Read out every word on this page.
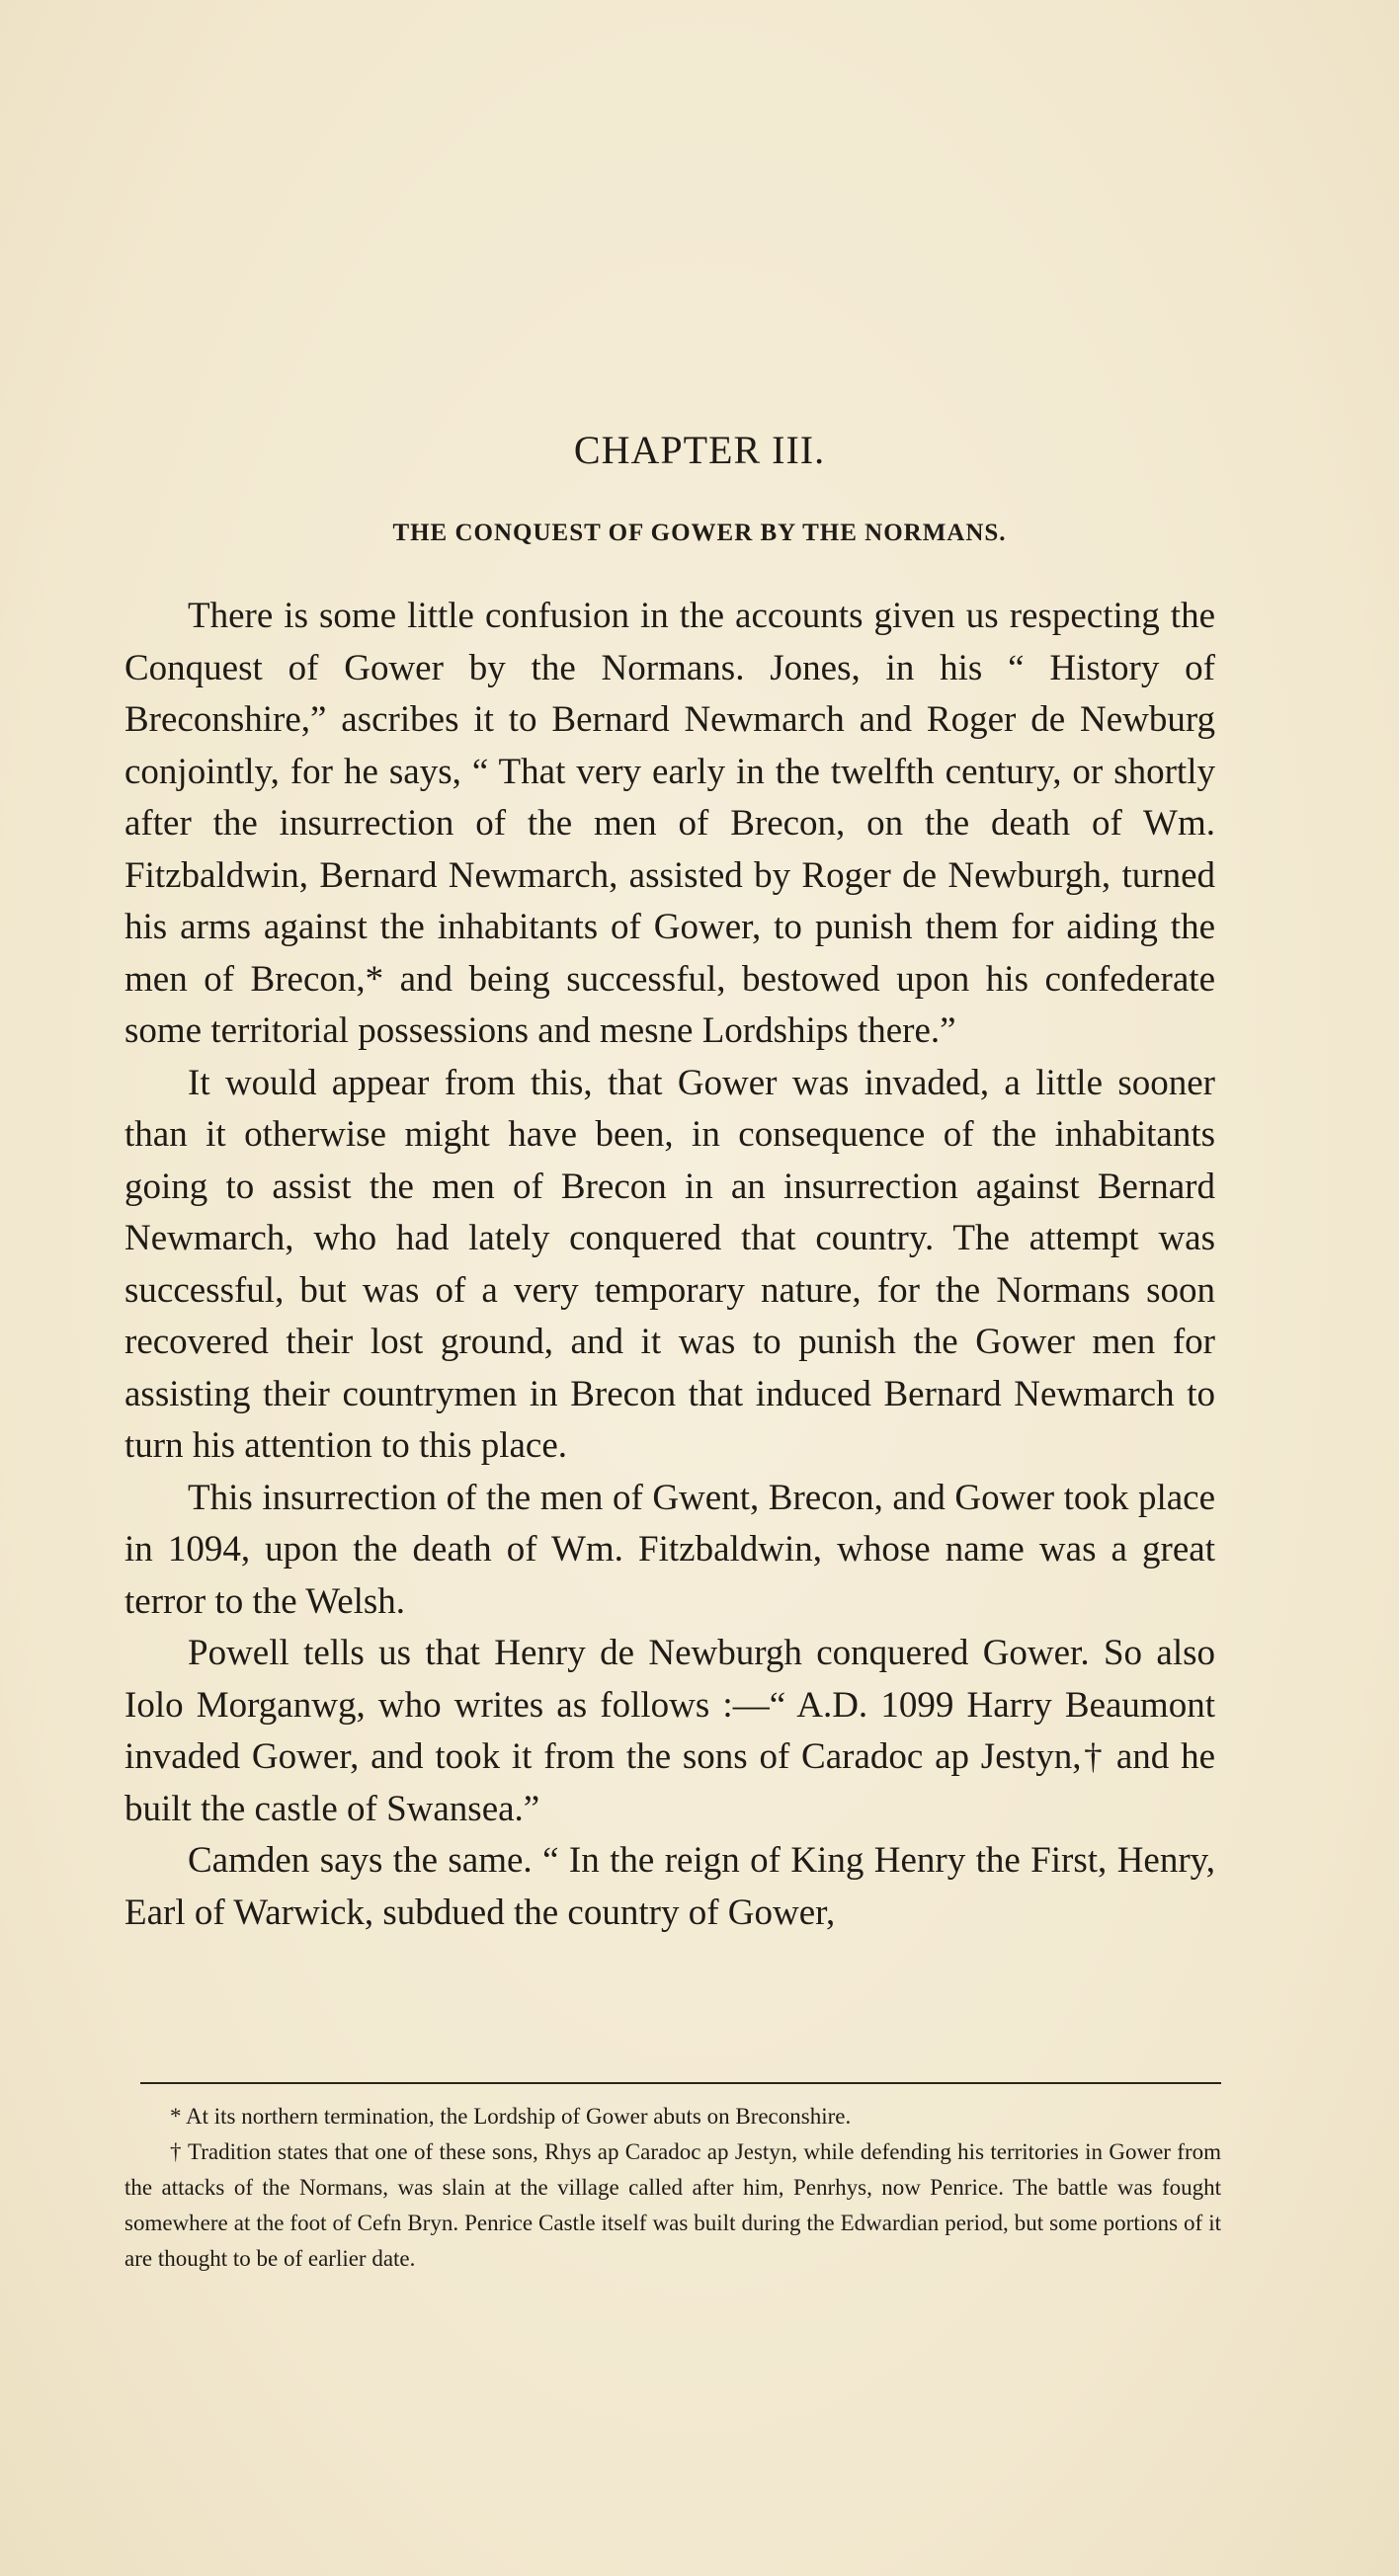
CHAPTER III.
THE CONQUEST OF GOWER BY THE NORMANS.

There is some little confusion in the accounts given us respecting the Conquest of Gower by the Normans. Jones, in his “ History of Breconshire,” ascribes it to Bernard Newmarch and Roger de Newburg conjointly, for he says, “ That very early in the twelfth century, or shortly after the insurrection of the men of Brecon, on the death of Wm. Fitzbaldwin, Bernard Newmarch, assisted by Roger de Newburgh, turned his arms against the inhabitants of Gower, to punish them for aiding the men of Brecon,* and being successful, bestowed upon his confederate some territorial possessions and mesne Lordships there.”

It would appear from this, that Gower was invaded, a little sooner than it otherwise might have been, in consequence of the inhabitants going to assist the men of Brecon in an insurrection against Bernard Newmarch, who had lately conquered that country. The attempt was successful, but was of a very temporary nature, for the Normans soon recovered their lost ground, and it was to punish the Gower men for assisting their countrymen in Brecon that induced Bernard Newmarch to turn his attention to this place.

This insurrection of the men of Gwent, Brecon, and Gower took place in 1094, upon the death of Wm. Fitzbaldwin, whose name was a great terror to the Welsh.

Powell tells us that Henry de Newburgh conquered Gower. So also Iolo Morganwg, who writes as follows :—“ A.D. 1099 Harry Beaumont invaded Gower, and took it from the sons of Caradoc ap Jestyn,† and he built the castle of Swansea.”

Camden says the same. “ In the reign of King Henry the First, Henry, Earl of Warwick, subdued the country of Gower,

* At its northern termination, the Lordship of Gower abuts on Breconshire.

† Tradition states that one of these sons, Rhys ap Caradoc ap Jestyn, while defending his territories in Gower from the attacks of the Normans, was slain at the village called after him, Penrhys, now Penrice. The battle was fought somewhere at the foot of Cefn Bryn. Penrice Castle itself was built during the Edwardian period, but some portions of it are thought to be of earlier date.
